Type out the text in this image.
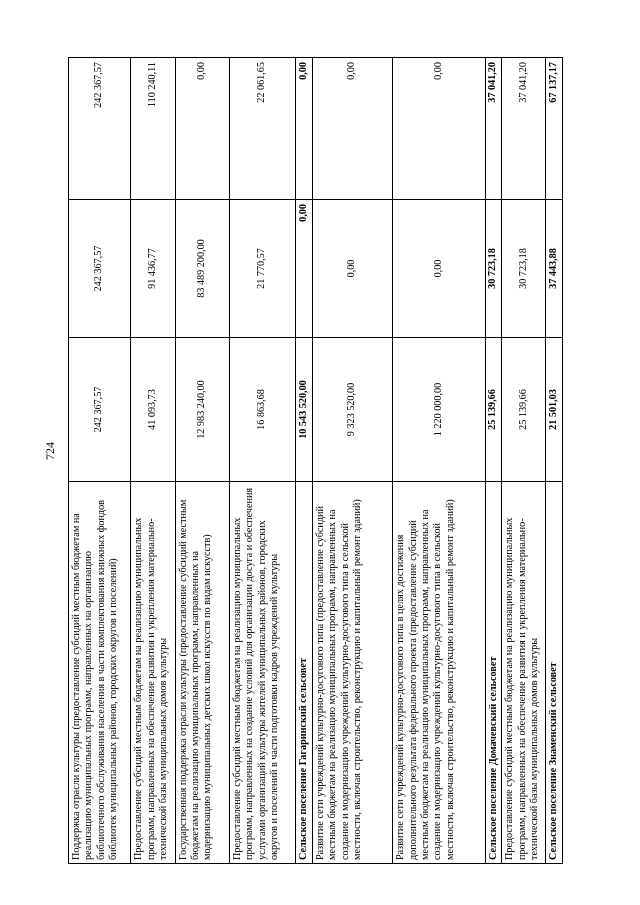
724
Поддержка отрасли культуры (предоставление субсидий местным бюджетам на реализацию муниципальных программ, направленных на организацию библиотечного обслуживания населения в части комплектования книжных фондов библиотек муниципальных районов, городских округов и поселений)	242 367,57	242 367,57	242 367,57
Предоставление субсидий местным бюджетам на реализацию муниципальных программ, направленных на обеспечение развития и укрепления материально-технической базы муниципальных домов культуры	41 093,73	91 436,77	110 240,11
Государственная поддержка отрасли культуры (предоставление субсидий местным бюджетам на реализацию муниципальных программ, направленных на модернизацию муниципальных детских школ искусств по видам искусств)	12 983 240,00	83 489 200,00	0,00
Предоставление субсидий местным бюджетам на реализацию муниципальных программ, направленных на создание условий для организации досуга и обеспечения услугами организаций культуры жителей муниципальных районов, городских округов и поселений в части подготовки кадров учреждений культуры	16 863,68	21 770,57	22 061,65
Сельское поселение Гагаринский сельсовет	10 543 520,00	0,00	0,00
Развитие сети учреждений культурно-досугового типа (предоставление субсидий местным бюджетам на реализацию муниципальных программ, направленных на создание и модернизацию учреждений культурно-досугового типа в сельской местности, включая строительство, реконструкцию и капитальный ремонт зданий)	9 323 520,00	0,00	0,00
Развитие сети учреждений культурно-досугового типа в целях достижения дополнительного результата федерального проекта (предоставление субсидий местным бюджетам на реализацию муниципальных программ, направленных на создание и модернизацию учреждений культурно-досугового типа в сельской местности, включая строительство, реконструкцию и капитальный ремонт зданий)	1 220 000,00	0,00	0,00
Сельское поселение Домачевский сельсовет	25 139,66	30 723,18	37 041,20
Предоставление субсидий местным бюджетам на реализацию муниципальных программ, направленных на обеспечение развития и укрепления материально-технической базы муниципальных домов культуры	25 139,66	30 723,18	37 041,20
Сельское поселение Знаменский сельсовет	21 501,03	37 443,88	67 137,17
